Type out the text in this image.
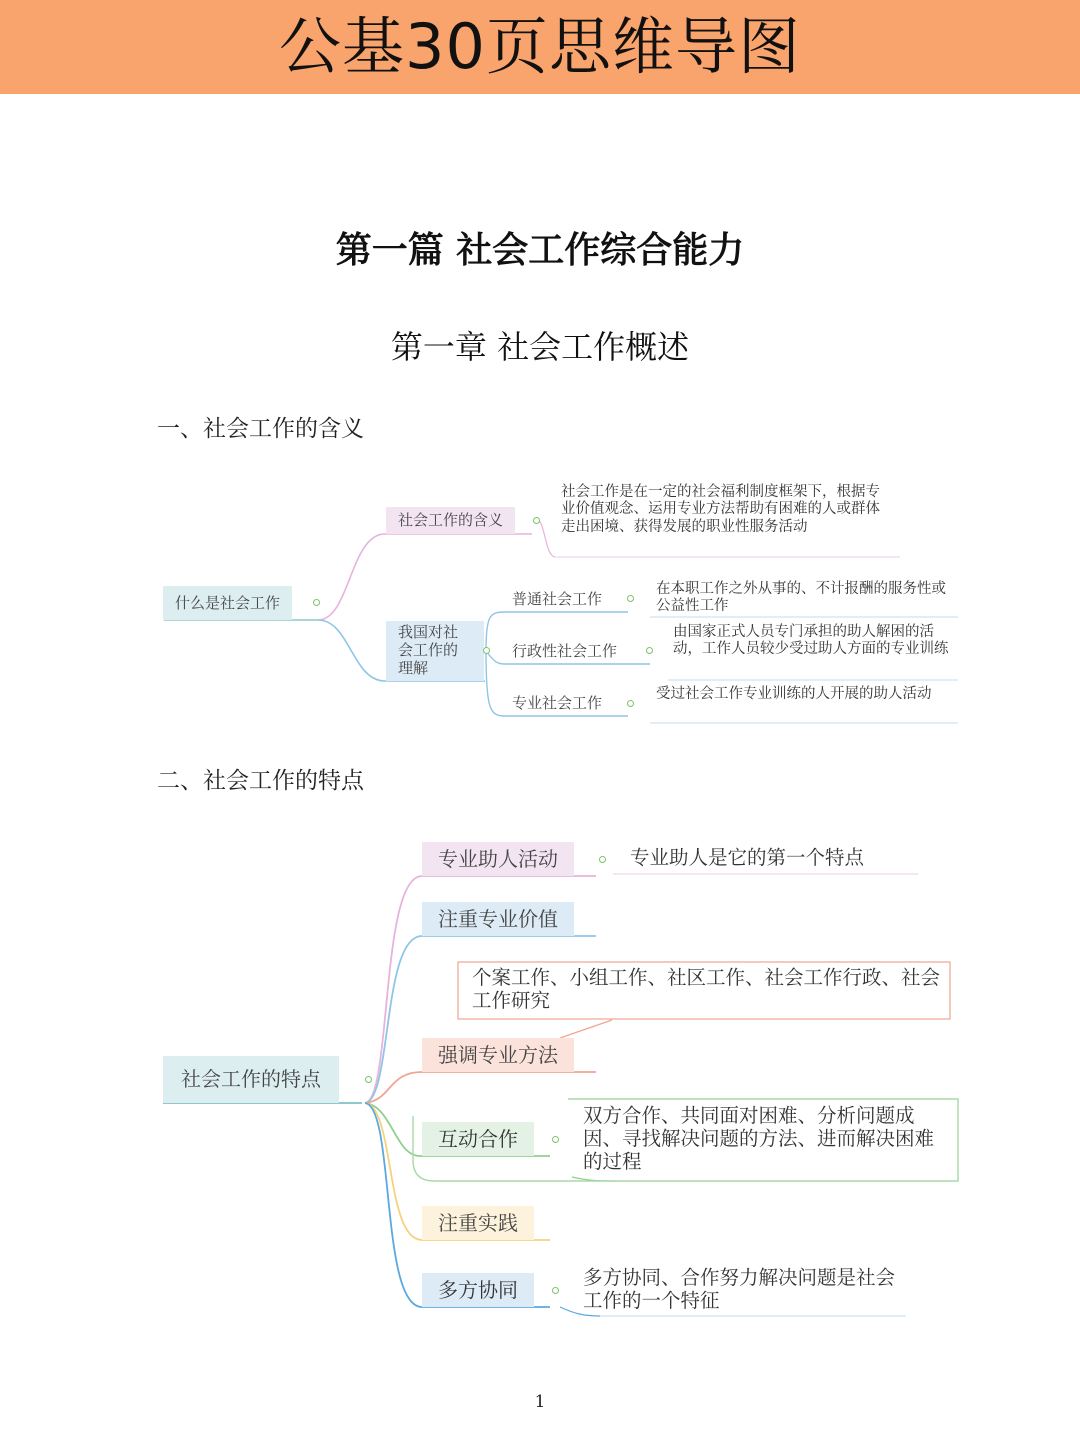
公基30页思维导图
第一篇 社会工作综合能力
第一章 社会工作概述
一、社会工作的含义
二、社会工作的特点
什么是社会工作
社会工作的含义
社会工作是在一定的社会福利制度框架下，根据专业价值观念、运用专业方法帮助有困难的人或群体走出困境、获得发展的职业性服务活动
我国对社会工作的理解
普通社会工作
在本职工作之外从事的、不计报酬的服务性或公益性工作
行政性社会工作
由国家正式人员专门承担的助人解困的活动，工作人员较少受过助人方面的专业训练
专业社会工作	受过社会工作专业训练的人开展的助人活动
社会工作的特点
专业助人活动	专业助人是它的第一个特点
注重专业价值
个案工作、小组工作、社区工作、社会工作行政、社会工作研究
强调专业方法
互动合作
双方合作、共同面对困难、分析问题成因、寻找解决问题的方法、进而解决困难的过程
注重实践
多方协同
多方协同、合作努力解决问题是社会工作的一个特征
1
